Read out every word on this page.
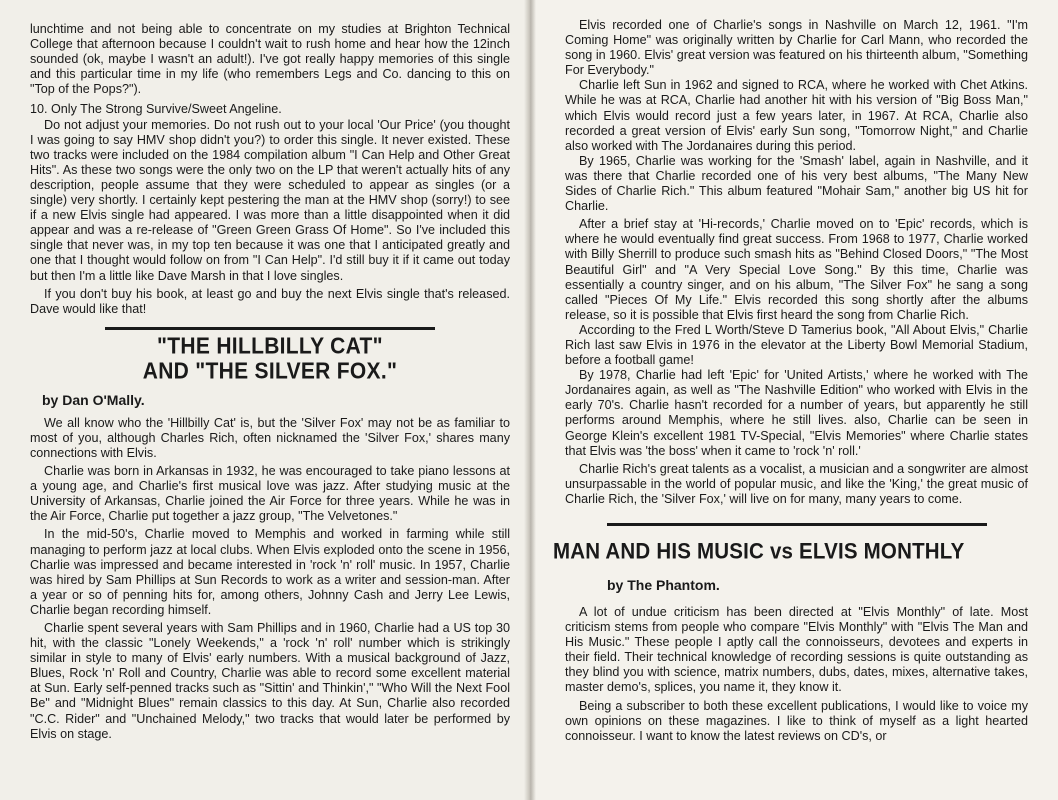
lunchtime and not being able to concentrate on my studies at Brighton Technical College that afternoon because I couldn't wait to rush home and hear how the 12inch sounded (ok, maybe I wasn't an adult!). I've got really happy memories of this single and this particular time in my life (who remembers Legs and Co. dancing to this on "Top of the Pops?").

10. Only The Strong Survive/Sweet Angeline.

Do not adjust your memories. Do not rush out to your local 'Our Price' (you thought I was going to say HMV shop didn't you?) to order this single. It never existed. These two tracks were included on the 1984 compilation album "I Can Help and Other Great Hits". As these two songs were the only two on the LP that weren't actually hits of any description, people assume that they were scheduled to appear as singles (or a single) very shortly. I certainly kept pestering the man at the HMV shop (sorry!) to see if a new Elvis single had appeared. I was more than a little disappointed when it did appear and was a re-release of "Green Green Grass Of Home". So I've included this single that never was, in my top ten because it was one that I anticipated greatly and one that I thought would follow on from "I Can Help". I'd still buy it if it came out today but then I'm a little like Dave Marsh in that I love singles.

If you don't buy his book, at least go and buy the next Elvis single that's released. Dave would like that!

"THE HILLBILLY CAT"
AND "THE SILVER FOX."
by Dan O'Mally.

We all know who the 'Hillbilly Cat' is, but the 'Silver Fox' may not be as familiar to most of you, although Charles Rich, often nicknamed the 'Silver Fox,' shares many connections with Elvis.

Charlie was born in Arkansas in 1932, he was encouraged to take piano lessons at a young age, and Charlie's first musical love was jazz. After studying music at the University of Arkansas, Charlie joined the Air Force for three years. While he was in the Air Force, Charlie put together a jazz group, "The Velvetones."

In the mid-50's, Charlie moved to Memphis and worked in farming while still managing to perform jazz at local clubs. When Elvis exploded onto the scene in 1956, Charlie was impressed and became interested in 'rock 'n' roll' music. In 1957, Charlie was hired by Sam Phillips at Sun Records to work as a writer and session-man. After a year or so of penning hits for, among others, Johnny Cash and Jerry Lee Lewis, Charlie began recording himself.

Charlie spent several years with Sam Phillips and in 1960, Charlie had a US top 30 hit, with the classic "Lonely Weekends," a 'rock 'n' roll' number which is strikingly similar in style to many of Elvis' early numbers. With a musical background of Jazz, Blues, Rock 'n' Roll and Country, Charlie was able to record some excellent material at Sun. Early self-penned tracks such as "Sittin' and Thinkin'," "Who Will the Next Fool Be" and "Midnight Blues" remain classics to this day. At Sun, Charlie also recorded "C.C. Rider" and "Unchained Melody," two tracks that would later be performed by Elvis on stage.

Elvis recorded one of Charlie's songs in Nashville on March 12, 1961. "I'm Coming Home" was originally written by Charlie for Carl Mann, who recorded the song in 1960. Elvis' great version was featured on his thirteenth album, "Something For Everybody."

Charlie left Sun in 1962 and signed to RCA, where he worked with Chet Atkins. While he was at RCA, Charlie had another hit with his version of "Big Boss Man," which Elvis would record just a few years later, in 1967. At RCA, Charlie also recorded a great version of Elvis' early Sun song, "Tomorrow Night," and Charlie also worked with The Jordanaires during this period.

By 1965, Charlie was working for the 'Smash' label, again in Nashville, and it was there that Charlie recorded one of his very best albums, "The Many New Sides of Charlie Rich." This album featured "Mohair Sam," another big US hit for Charlie.

After a brief stay at 'Hi-records,' Charlie moved on to 'Epic' records, which is where he would eventually find great success. From 1968 to 1977, Charlie worked with Billy Sherrill to produce such smash hits as "Behind Closed Doors," "The Most Beautiful Girl" and "A Very Special Love Song." By this time, Charlie was essentially a country singer, and on his album, "The Silver Fox" he sang a song called "Pieces Of My Life." Elvis recorded this song shortly after the albums release, so it is possible that Elvis first heard the song from Charlie Rich.

According to the Fred L Worth/Steve D Tamerius book, "All About Elvis," Charlie Rich last saw Elvis in 1976 in the elevator at the Liberty Bowl Memorial Stadium, before a football game!

By 1978, Charlie had left 'Epic' for 'United Artists,' where he worked with The Jordanaires again, as well as "The Nashville Edition" who worked with Elvis in the early 70's. Charlie hasn't recorded for a number of years, but apparently he still performs around Memphis, where he still lives. also, Charlie can be seen in George Klein's excellent 1981 TV-Special, "Elvis Memories" where Charlie states that Elvis was 'the boss' when it came to 'rock 'n' roll.'

Charlie Rich's great talents as a vocalist, a musician and a songwriter are almost unsurpassable in the world of popular music, and like the 'King,' the great music of Charlie Rich, the 'Silver Fox,' will live on for many, many years to come.

MAN AND HIS MUSIC vs ELVIS MONTHLY
by The Phantom.

A lot of undue criticism has been directed at "Elvis Monthly" of late. Most criticism stems from people who compare "Elvis Monthly" with "Elvis The Man and His Music." These people I aptly call the connoisseurs, devotees and experts in their field. Their technical knowledge of recording sessions is quite outstanding as they blind you with science, matrix numbers, dubs, dates, mixes, alternative takes, master demo's, splices, you name it, they know it.

Being a subscriber to both these excellent publications, I would like to voice my own opinions on these magazines. I like to think of myself as a light hearted connoisseur. I want to know the latest reviews on CD's, or
